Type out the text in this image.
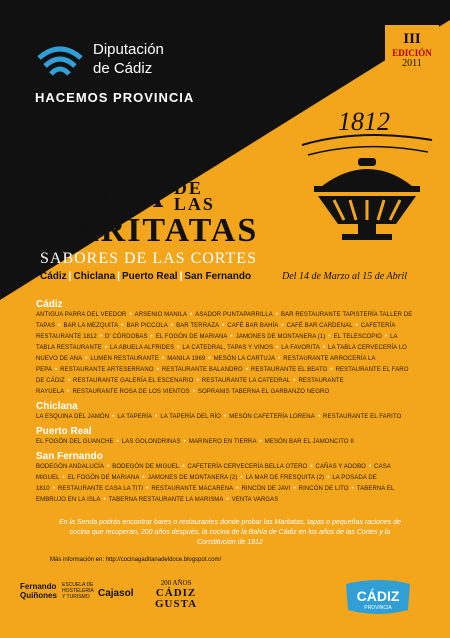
Diputación
de Cádiz
HACEMOS PROVINCIA
III
EDICIÓN
2011
1812
SENDA DE
LAS
MARITATAS
SABORES DE LAS CORTES
Cádiz | Chiclana | Puerto Real | San Fernando	Del 14 de Marzo al 15 de Abril
Cádiz
ANTIGUA PARRA DEL VEEDOR • ARSENIO MANILA • ASADOR PUNTAPARRILLA • BAR RESTAURANTE TAPISTERÍA TALLER DE TAPAS • BAR LA MEZQUITA • BAR PICCOLA • BAR TERRAZA • CAFÉ BAR BAHÍA • CAFÉ BAR CARDENAL • CAFETERÍA RESTAURANTE 1812 • D' CÓRDOBAS • EL FOGÓN DE MARIANA • JAMONES DE MONTANERA (1) • EL TELESCOPIO • LA TABLA RESTAURANTE • LA ABUELA ALFRIDES • LA CATEDRAL, TAPAS Y VINOS • LA FAVORITA • LA TABLA CERVECERÍA LO NUEVO DE ANA • LUMEN RESTAURANTE • MANILA 1969 • MESÓN LA CARTUJA • RESTAURANTE ARROCERÍA LA PEPA • RESTAURANTE ARTESERRANO • RESTAURANTE BALANDRO • RESTAURANTE EL BEATO • RESTAURANTE EL FARO DE CÁDIZ • RESTAURANTE GALERÍA EL ESCENARIO • RESTAURANTE LA CATEDRAL • RESTAURANTE RAYUELA • RESTAURANTE ROSA DE LOS VIENTOS • SOPRANIS TABERNA EL GARBANZO NEGRO
Chiclana
LA ESQUINA DEL JAMÓN • LA TAPERÍA • LA TAPERÍA DEL RÍO • MESÓN CAFETERÍA LORENA • RESTAURANTE EL FARITO
Puerto Real
EL FOGÓN DEL GUANCHE • LAS GOLONDRINAS • MARINERO EN TIERRA • MESÓN BAR EL JAMONCITO II
San Fernando
BODEGÓN ANDALUCÍA • BODEGÓN DE MIGUEL • CAFETERÍA CERVECERÍA BELLA OTERO • CAÑAS Y ADOBO • CASA MIGUEL • EL FOGÓN DE MARIANA • JAMONES DE MONTANERA (2) • LA MAR DE FRESQUITA (2) • LA POSADA DE 1810 • RESTAURANTE CASA LA TITI • RESTAURANTE MACARENA • RINCÓN DE JAVI • RINCÓN DE LITO • TABERNA EL EMBRUJO EN LA ISLA • TABERNA RESTAURANTE LA MARISMA • VENTA VARGAS
En la Senda podrás encontrar bares o restaurantes donde probar las Maritatas, tapas o pequeñas raciones de cocina que recuperan, 200 años después, la cocina de la Bahía de Cádiz en los años de las Cortes y la Constitución de 1812
Más información en: http://cocinagaditanadeldoce.blogspot.com/
Fernando
Quiñones
ESCUELA DE HOSTELERÍA Y TURISMO Cajasol
200 AÑOS
CÁDIZ
GUSTA	CÁDIZ
PROVINCIA
